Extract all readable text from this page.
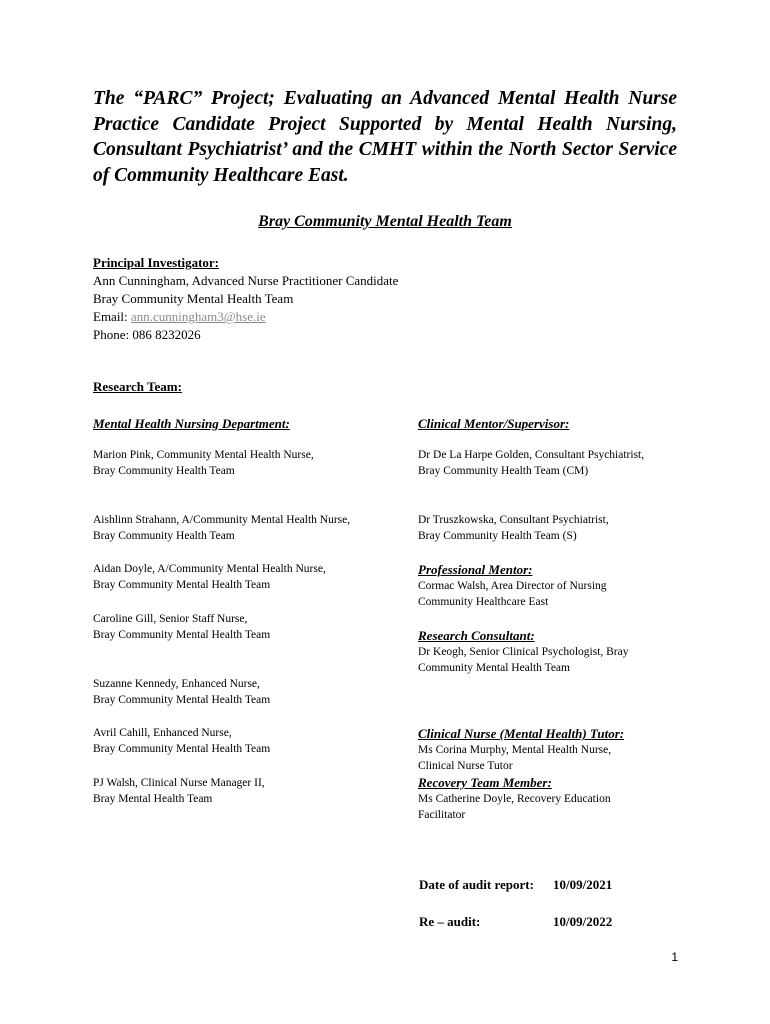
The “PARC” Project; Evaluating an Advanced Mental Health Nurse Practice Candidate Project Supported by Mental Health Nursing, Consultant Psychiatrist’ and the CMHT within the North Sector Service of Community Healthcare East.
Bray Community Mental Health Team
Principal Investigator:
Ann Cunningham, Advanced Nurse Practitioner Candidate
Bray Community Mental Health Team
Email: ann.cunningham3@hse.ie
Phone: 086 8232026
Research Team:
Mental Health Nursing Department:
Marion Pink, Community Mental Health Nurse,
Bray Community Health Team
Aishlinn Strahann, A/Community Mental Health Nurse,
Bray Community Health Team
Aidan Doyle, A/Community Mental Health Nurse,
Bray Community Mental Health Team
Caroline Gill, Senior Staff Nurse,
Bray Community Mental Health Team
Suzanne Kennedy, Enhanced Nurse,
Bray Community Mental Health Team
Avril Cahill, Enhanced Nurse,
Bray Community Mental Health Team
PJ Walsh, Clinical Nurse Manager II,
Bray Mental Health Team
Clinical Mentor/Supervisor:
Dr De La Harpe Golden, Consultant Psychiatrist,
Bray Community Health Team (CM)
Dr Truszkowska, Consultant Psychiatrist,
Bray Community Health Team (S)
Professional Mentor:
Cormac Walsh, Area Director of Nursing
Community Healthcare East
Research Consultant:
Dr Keogh, Senior Clinical Psychologist, Bray
Community Mental Health Team
Clinical Nurse (Mental Health) Tutor:
Ms Corina Murphy, Mental Health Nurse,
Clinical Nurse Tutor
Recovery Team Member:
Ms Catherine Doyle, Recovery Education
Facilitator
Date of audit report: 10/09/2021
Re – audit:	10/09/2022
1
